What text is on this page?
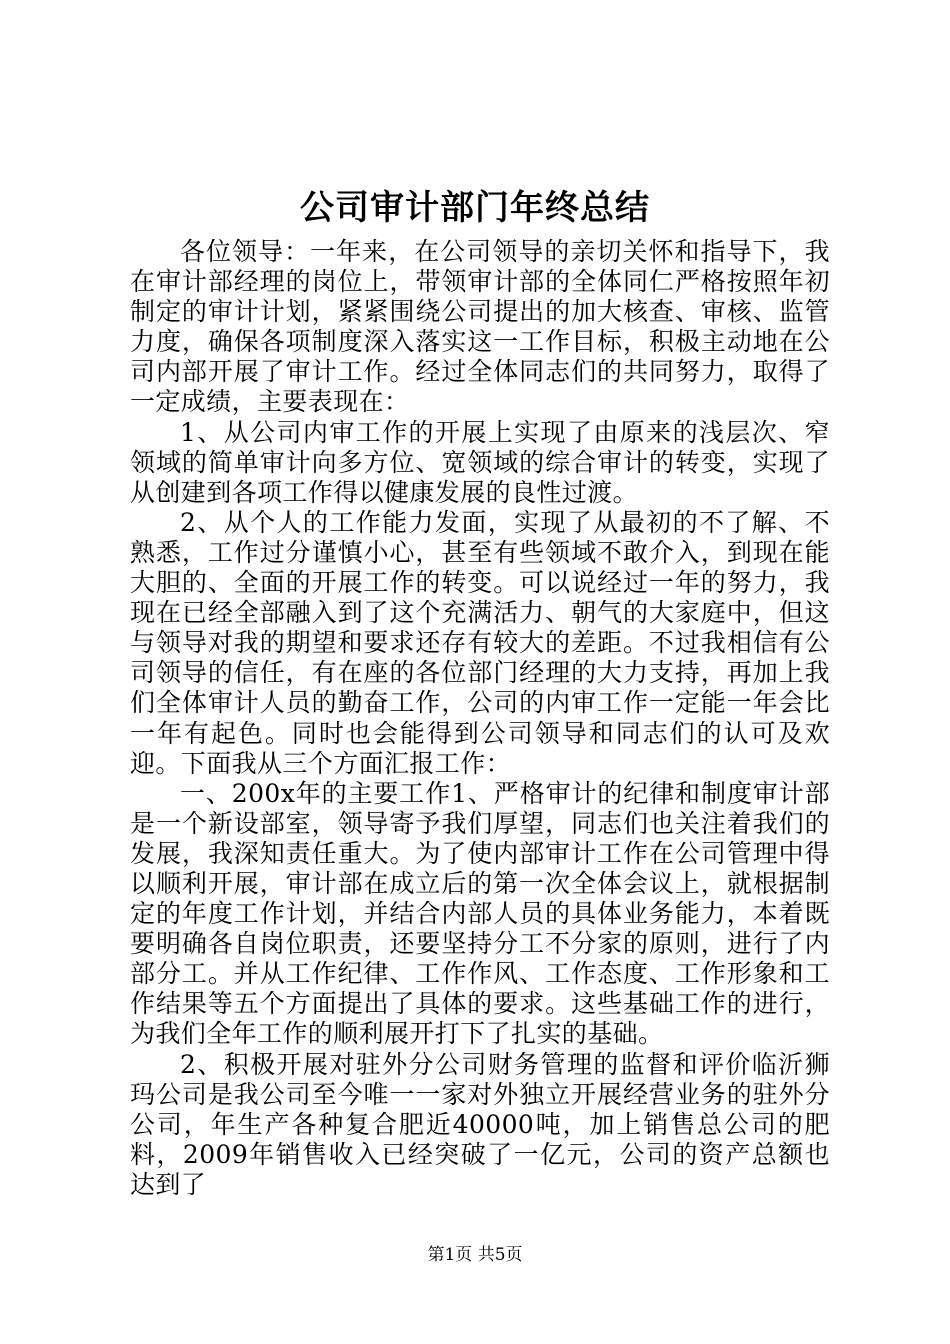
公司审计部门年终总结

各位领导：一年来，在公司领导的亲切关怀和指导下，我在审计部经理的岗位上，带领审计部的全体同仁严格按照年初制定的审计计划，紧紧围绕公司提出的加大核查、审核、监管力度，确保各项制度深入落实这一工作目标，积极主动地在公司内部开展了审计工作。经过全体同志们的共同努力，取得了一定成绩，主要表现在：

1、从公司内审工作的开展上实现了由原来的浅层次、窄领域的简单审计向多方位、宽领域的综合审计的转变，实现了从创建到各项工作得以健康发展的良性过渡。

2、从个人的工作能力发面，实现了从最初的不了解、不熟悉，工作过分谨慎小心，甚至有些领域不敢介入，到现在能大胆的、全面的开展工作的转变。可以说经过一年的努力，我现在已经全部融入到了这个充满活力、朝气的大家庭中，但这与领导对我的期望和要求还存有较大的差距。不过我相信有公司领导的信任，有在座的各位部门经理的大力支持，再加上我们全体审计人员的勤奋工作，公司的内审工作一定能一年会比一年有起色。同时也会能得到公司领导和同志们的认可及欢迎。下面我从三个方面汇报工作：

一、200x年的主要工作1、严格审计的纪律和制度审计部是一个新设部室，领导寄予我们厚望，同志们也关注着我们的发展，我深知责任重大。为了使内部审计工作在公司管理中得以顺利开展，审计部在成立后的第一次全体会议上，就根据制定的年度工作计划，并结合内部人员的具体业务能力，本着既要明确各自岗位职责，还要坚持分工不分家的原则，进行了内部分工。并从工作纪律、工作作风、工作态度、工作形象和工作结果等五个方面提出了具体的要求。这些基础工作的进行，为我们全年工作的顺利展开打下了扎实的基础。

2、积极开展对驻外分公司财务管理的监督和评价临沂狮玛公司是我公司至今唯一一家对外独立开展经营业务的驻外分公司，年生产各种复合肥近40000吨，加上销售总公司的肥料，2009年销售收入已经突破了一亿元，公司的资产总额也达到了

第1页 共5页
